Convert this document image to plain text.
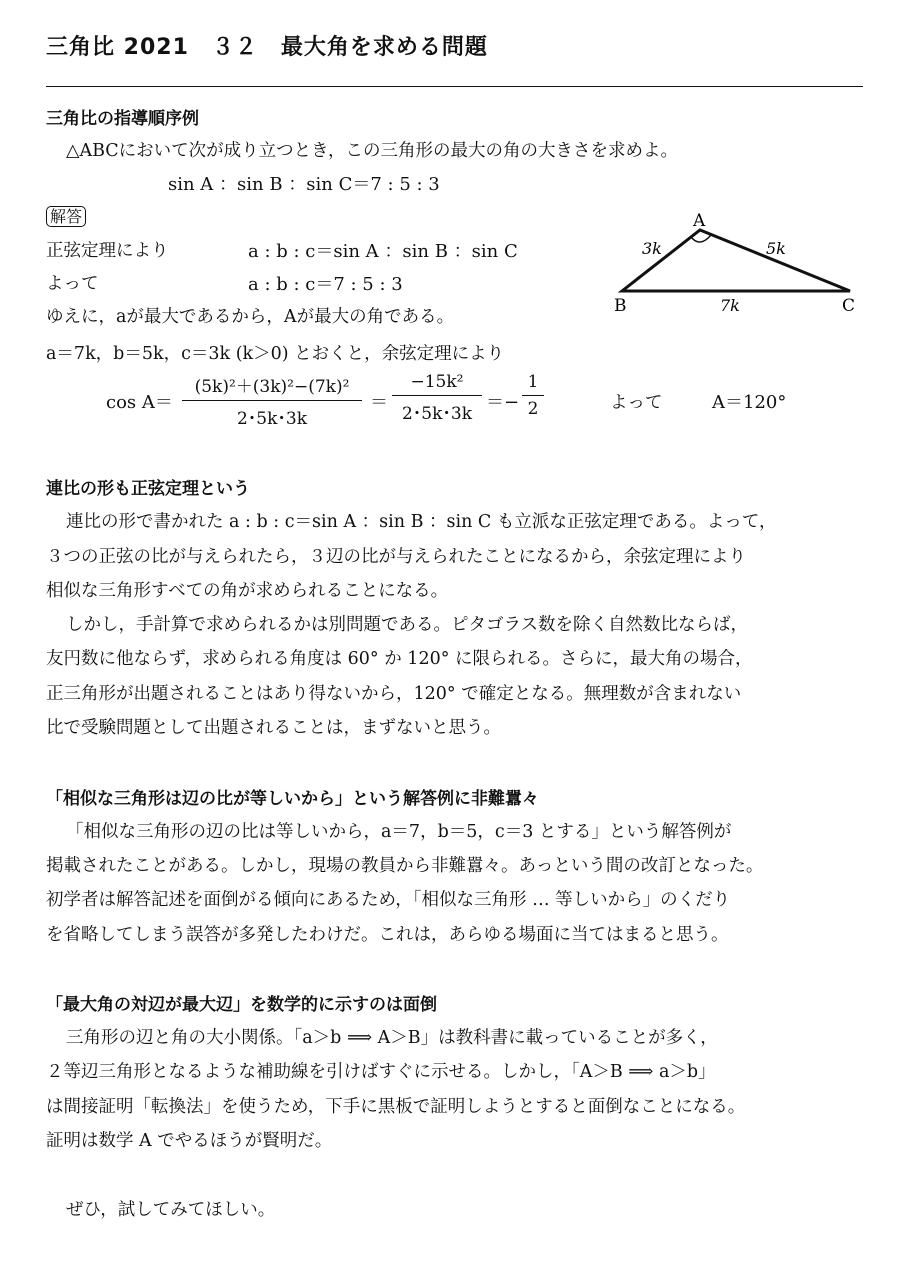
三角比 2021　３２　最大角を求める問題
三角比の指導順序例
△ABCにおいて次が成り立つとき，この三角形の最大の角の大きさを求めよ。
sin A ：sin B ：sin C＝7 : 5 : 3
解答
正弦定理により	a : b : c＝sin A ：sin B ：sin C
よって	a : b : c＝7 : 5 : 3
ゆえに，aが最大であるから，Aが最大の角である。
a＝7k，b＝5k，c＝3k (k＞0) とおくと，余弦定理により
$\cos A= \frac{\text{(5k)²＋(3k)²−(7k)²}}{2･5k･3k} = \frac{\text{−15k²}}{2･5k･3k} =- \frac{1}{2}$	よって	A＝120°
A
B	C
3k	5k
7k
連比の形も正弦定理という
連比の形で書かれた a : b : c＝sin A ：sin B ：sin C も立派な正弦定理である。よって，
３つの正弦の比が与えられたら，３辺の比が与えられたことになるから，余弦定理により
相似な三角形すべての角が求められることになる。
しかし，手計算で求められるかは別問題である。ピタゴラス数を除く自然数比ならば，
友円数に他ならず，求められる角度は 60° か 120° に限られる。さらに，最大角の場合，
正三角形が出題されることはあり得ないから，120° で確定となる。無理数が含まれない
比で受験問題として出題されることは，まずないと思う。
「相似な三角形は辺の比が等しいから」という解答例に非難囂々
「相似な三角形の辺の比は等しいから，a＝7，b＝5，c＝3 とする」という解答例が
掲載されたことがある。しかし，現場の教員から非難囂々。あっという間の改訂となった。
初学者は解答記述を面倒がる傾向にあるため，「相似な三角形 … 等しいから」のくだり
を省略してしまう誤答が多発したわけだ。これは，あらゆる場面に当てはまると思う。
「最大角の対辺が最大辺」を数学的に示すのは面倒
三角形の辺と角の大小関係。「a＞b ⟹ A＞B」は教科書に載っていることが多く，
２等辺三角形となるような補助線を引けばすぐに示せる。しかし，「A＞B ⟹ a＞b」
は間接証明「転換法」を使うため，下手に黒板で証明しようとすると面倒なことになる。
証明は数学 A でやるほうが賢明だ。
ぜひ，試してみてほしい。
